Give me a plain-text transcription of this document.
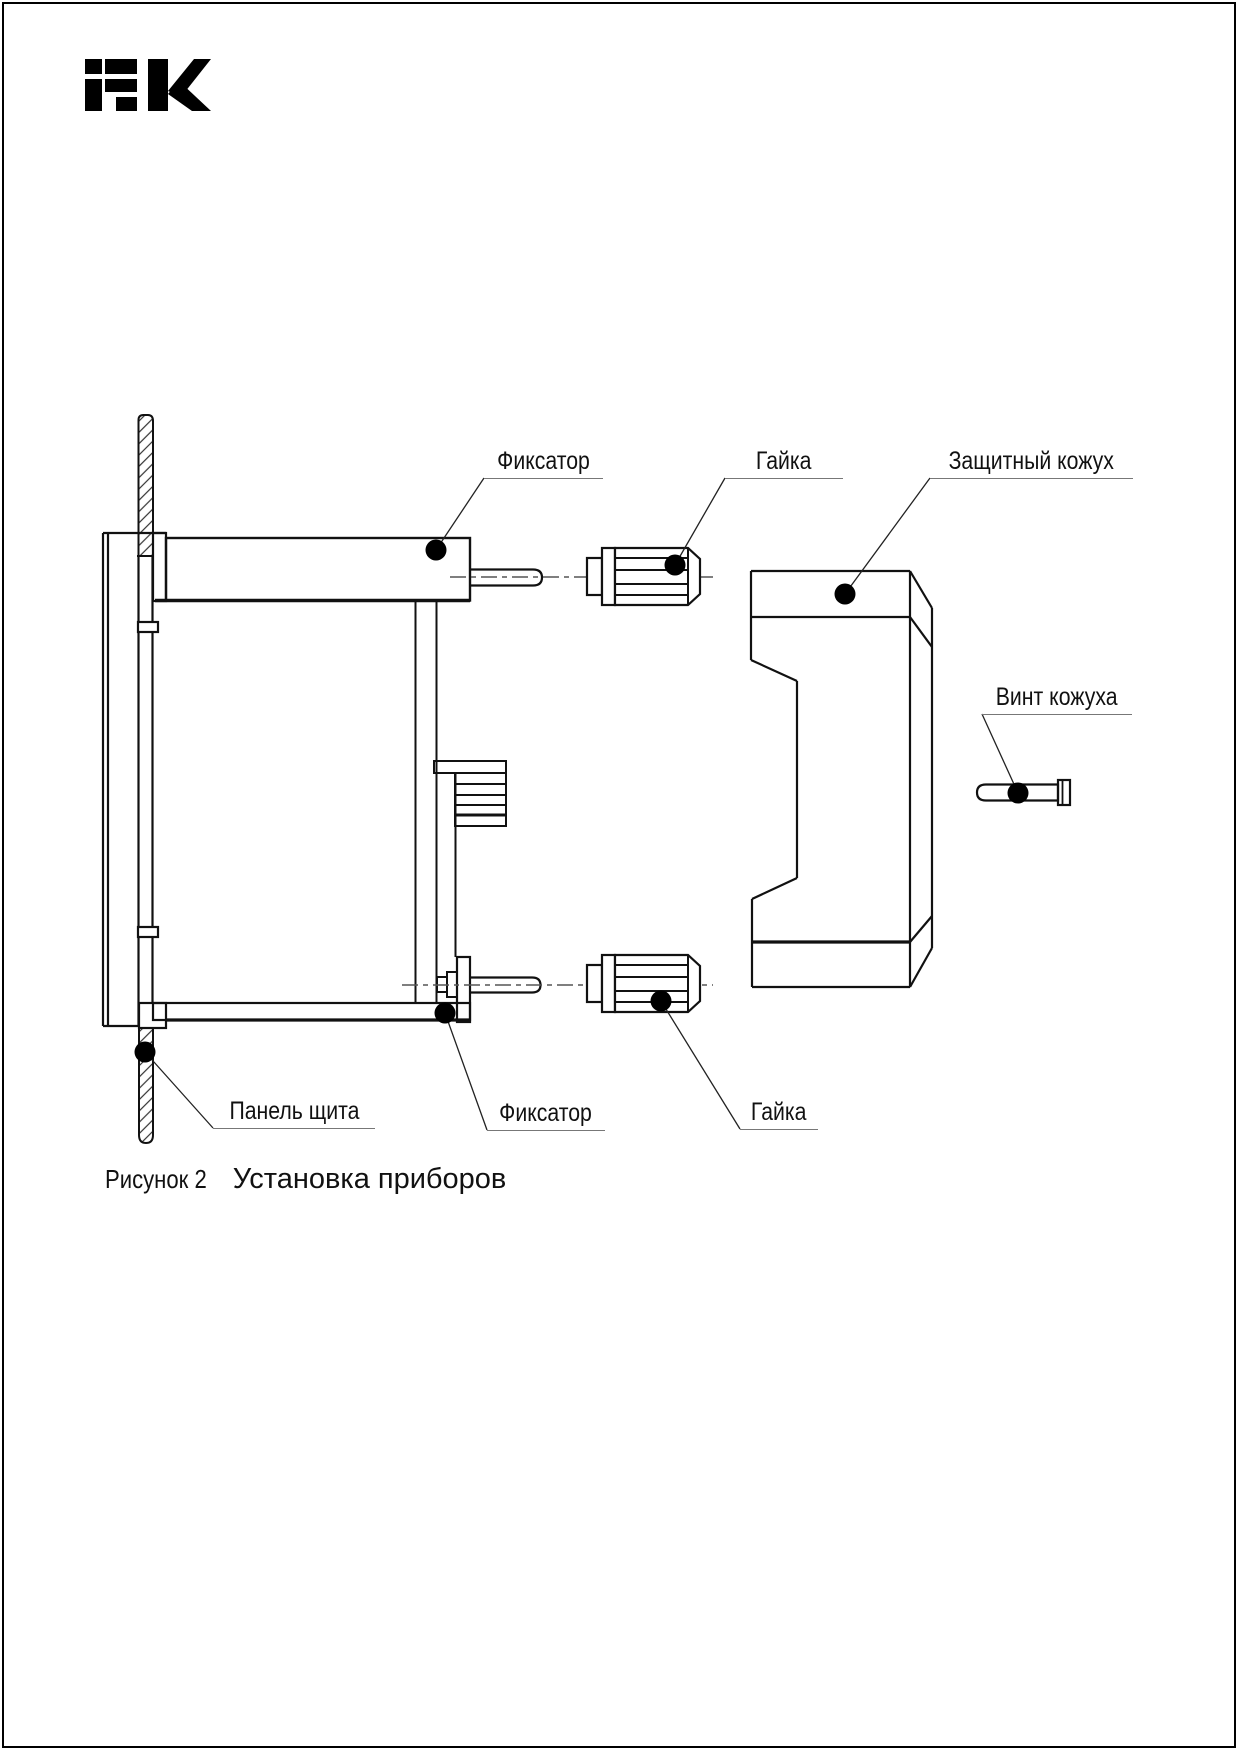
Фиксатор	Гайка	Защитный кожух
Винт кожуха
Панель щита	Фиксатор	Гайка
Рисунок 2 Установка приборов
